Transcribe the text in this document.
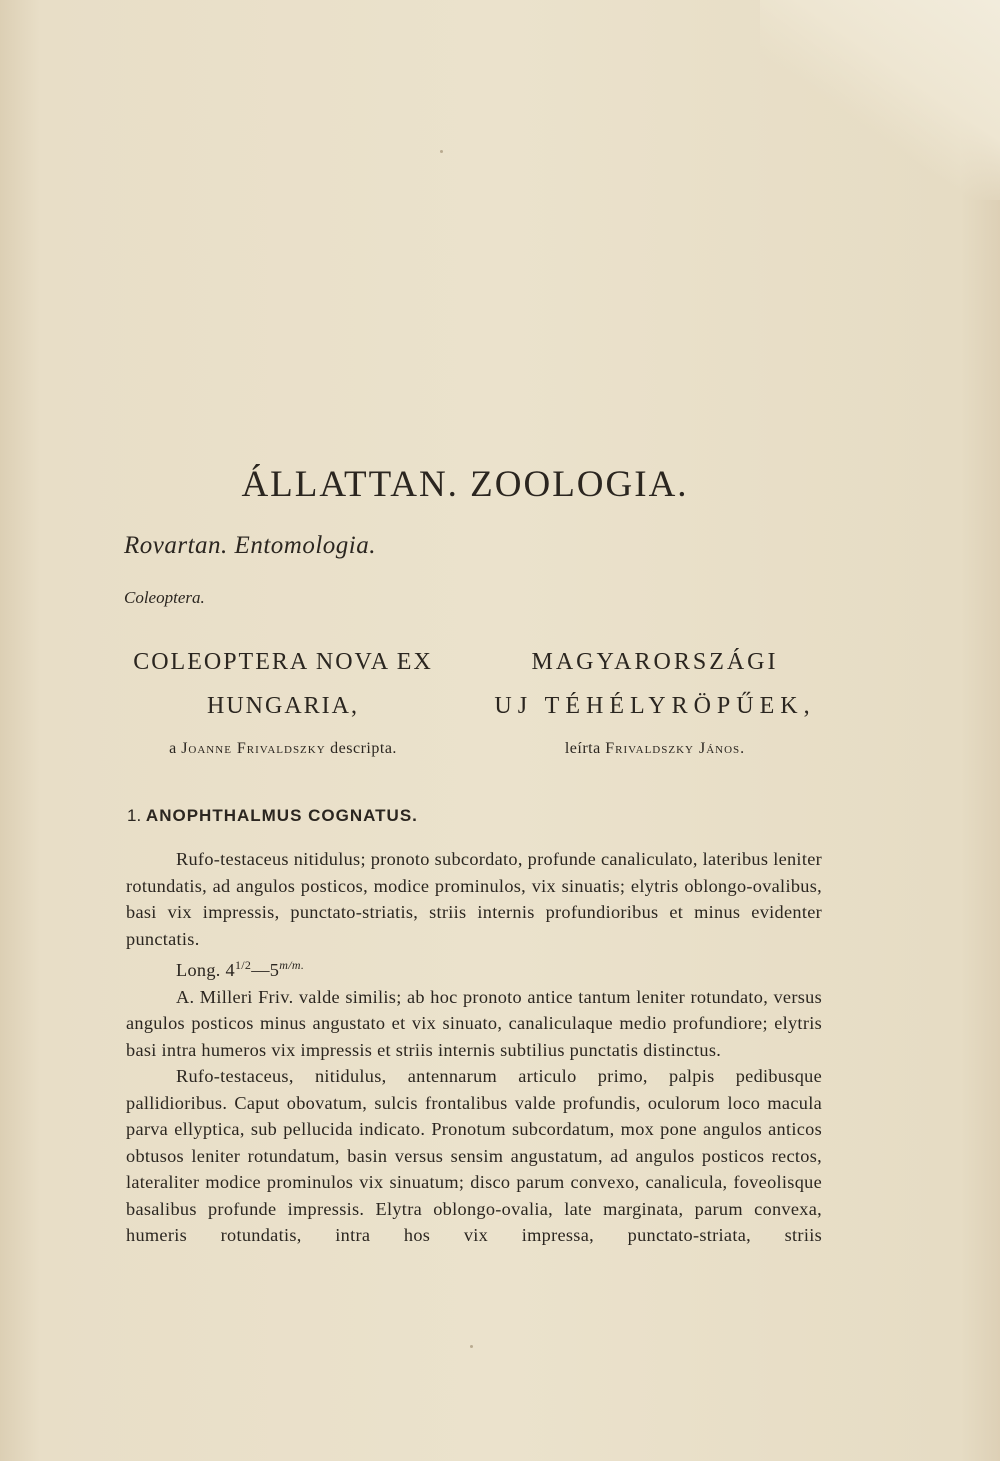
ÁLLATTAN. ZOOLOGIA.
Rovartan. Entomologia.
Coleoptera.
COLEOPTERA NOVA EX
HUNGARIA,
a Joanne Frivaldszky descripta.
MAGYARORSZÁGI
UJ TÉHÉLYRÖPŰEK,
leírta Frivaldszky János.
1. ANOPHTHALMUS COGNATUS.

Rufo-testaceus nitidulus; pronoto subcordato, profunde canaliculato, lateribus leniter rotundatis, ad angulos posticos, modice prominulos, vix sinuatis; elytris oblongo-ovalibus, basi vix impressis, punctato-striatis, striis internis profundioribus et minus evidenter punctatis.

Long. $4^{1/2}—5^{m/m.}$

A. Milleri Friv. valde similis; ab hoc pronoto antice tantum leniter rotundato, versus angulos posticos minus angustato et vix sinuato, canaliculaque medio profundiore; elytris basi intra humeros vix impressis et striis internis subtilius punctatis distinctus.

Rufo-testaceus, nitidulus, antennarum articulo primo, palpis pedibusque pallidioribus. Caput obovatum, sulcis frontalibus valde profundis, oculorum loco macula parva ellyptica, sub pellucida indicato. Pronotum subcordatum, mox pone angulos anticos obtusos leniter rotundatum, basin versus sensim angustatum, ad angulos posticos rectos, lateraliter modice prominulos vix sinuatum; disco parum convexo, canalicula, foveolisque basalibus profunde impressis. Elytra oblongo-ovalia, late marginata, parum convexa, humeris rotundatis, intra hos vix impressa, punctato-striata, striis
